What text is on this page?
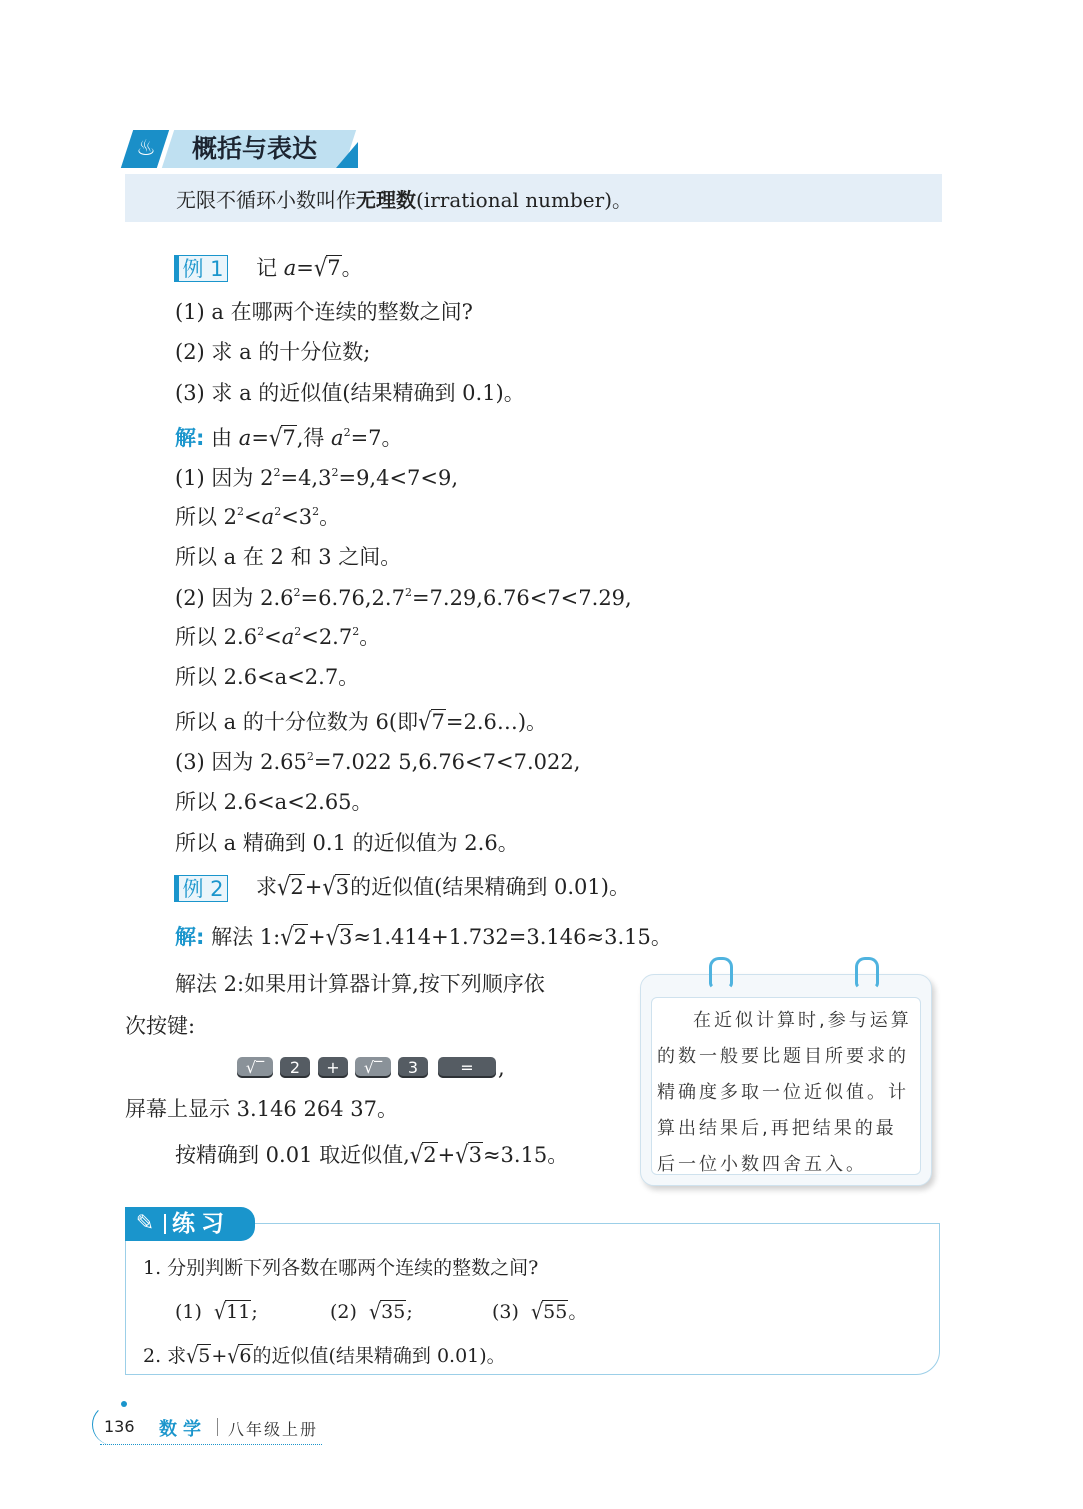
♨ 概括与表达
无限不循环小数叫作无理数(irrational number)。
例 1 记 a=√7。
(1) a 在哪两个连续的整数之间?
(2) 求 a 的十分位数;
(3) 求 a 的近似值(结果精确到 0.1)。
解: 由 a=√7,得 $a^2=7$。
(1) 因为 $2^2=4,3^2=9,4<7<9$,
所以 $2^2<a^2<3^2$。
所以 a 在 2 和 3 之间。
(2) 因为 $2.6^2=6.76,2.7^2=7.29,6.76<7<7.29$,
所以 $2.6^2<a^2<2.7^2$。
所以 2.6<a<2.7。
所以 a 的十分位数为 6(即√7=2.6…)。
(3) 因为 $2.65^2=7.022$ 5,6.76<7<7.022,
所以 2.6<a<2.65。
所以 a 精确到 0.1 的近似值为 2.6。
例 2 求√2+√3的近似值(结果精确到 0.01)。
解: 解法 1:√2+√3≈1.414+1.732=3.146≈3.15。
解法 2:如果用计算器计算,按下列顺序依
次按键:
√‾	2	+	√‾	3	=	,
屏幕上显示 3.146 264 37。
按精确到 0.01 取近似值,√2+√3≈3.15。
在近似计算时,参与运算的数一般要比题目所要求的精确度多取一位近似值。计算出结果后,再把结果的最后一位小数四舍五入。
✎ 练习
1. 分别判断下列各数在哪两个连续的整数之间?
(1) √11;	(2) √35;	(3) √55。
2. 求√5+√6的近似值(结果精确到 0.01)。
136 数学 八年级上册
